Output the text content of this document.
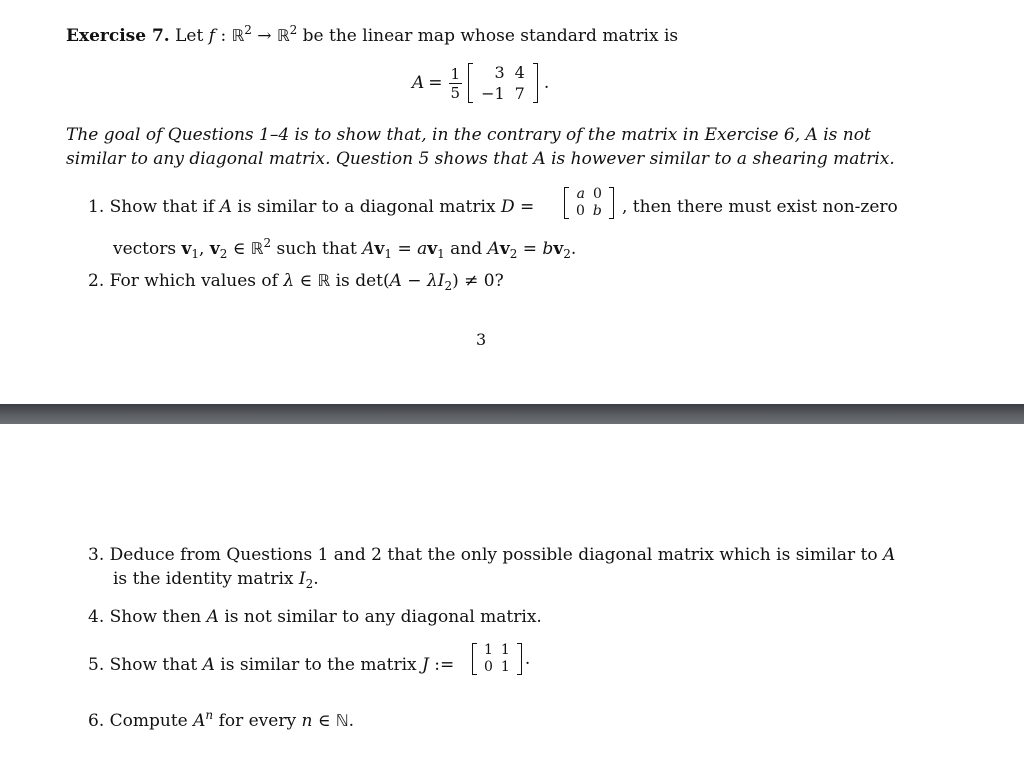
Exercise 7. Let f : ℝ$^2$ → ℝ$^2$ be the linear map whose standard matrix is
$A = \frac{1}{5} 3$	4
−1	7
.
The goal of Questions 1–4 is to show that, in the contrary of the matrix in Exercise 6, A is not
similar to any diagonal matrix. Question 5 shows that A is however similar to a shearing matrix.
1. Show that if A is similar to a diagonal matrix D =
a	0
0	b , then there must exist non-zero
vectors $v_1$, $v_2$ ∈ ℝ$^2$ such that $Av_1 = av_1$ and $Av_2 = bv_2$.
2. For which values of λ ∈ ℝ is $\det(A - \lambda I_2) \ne 0$?
3
3. Deduce from Questions 1 and 2 that the only possible diagonal matrix which is similar to A
is the identity matrix $I_2$.
4. Show then A is not similar to any diagonal matrix.
5. Show that A is similar to the matrix J :=
1	1
0	1 .
6. Compute $A^n$ for every n ∈ ℕ.
